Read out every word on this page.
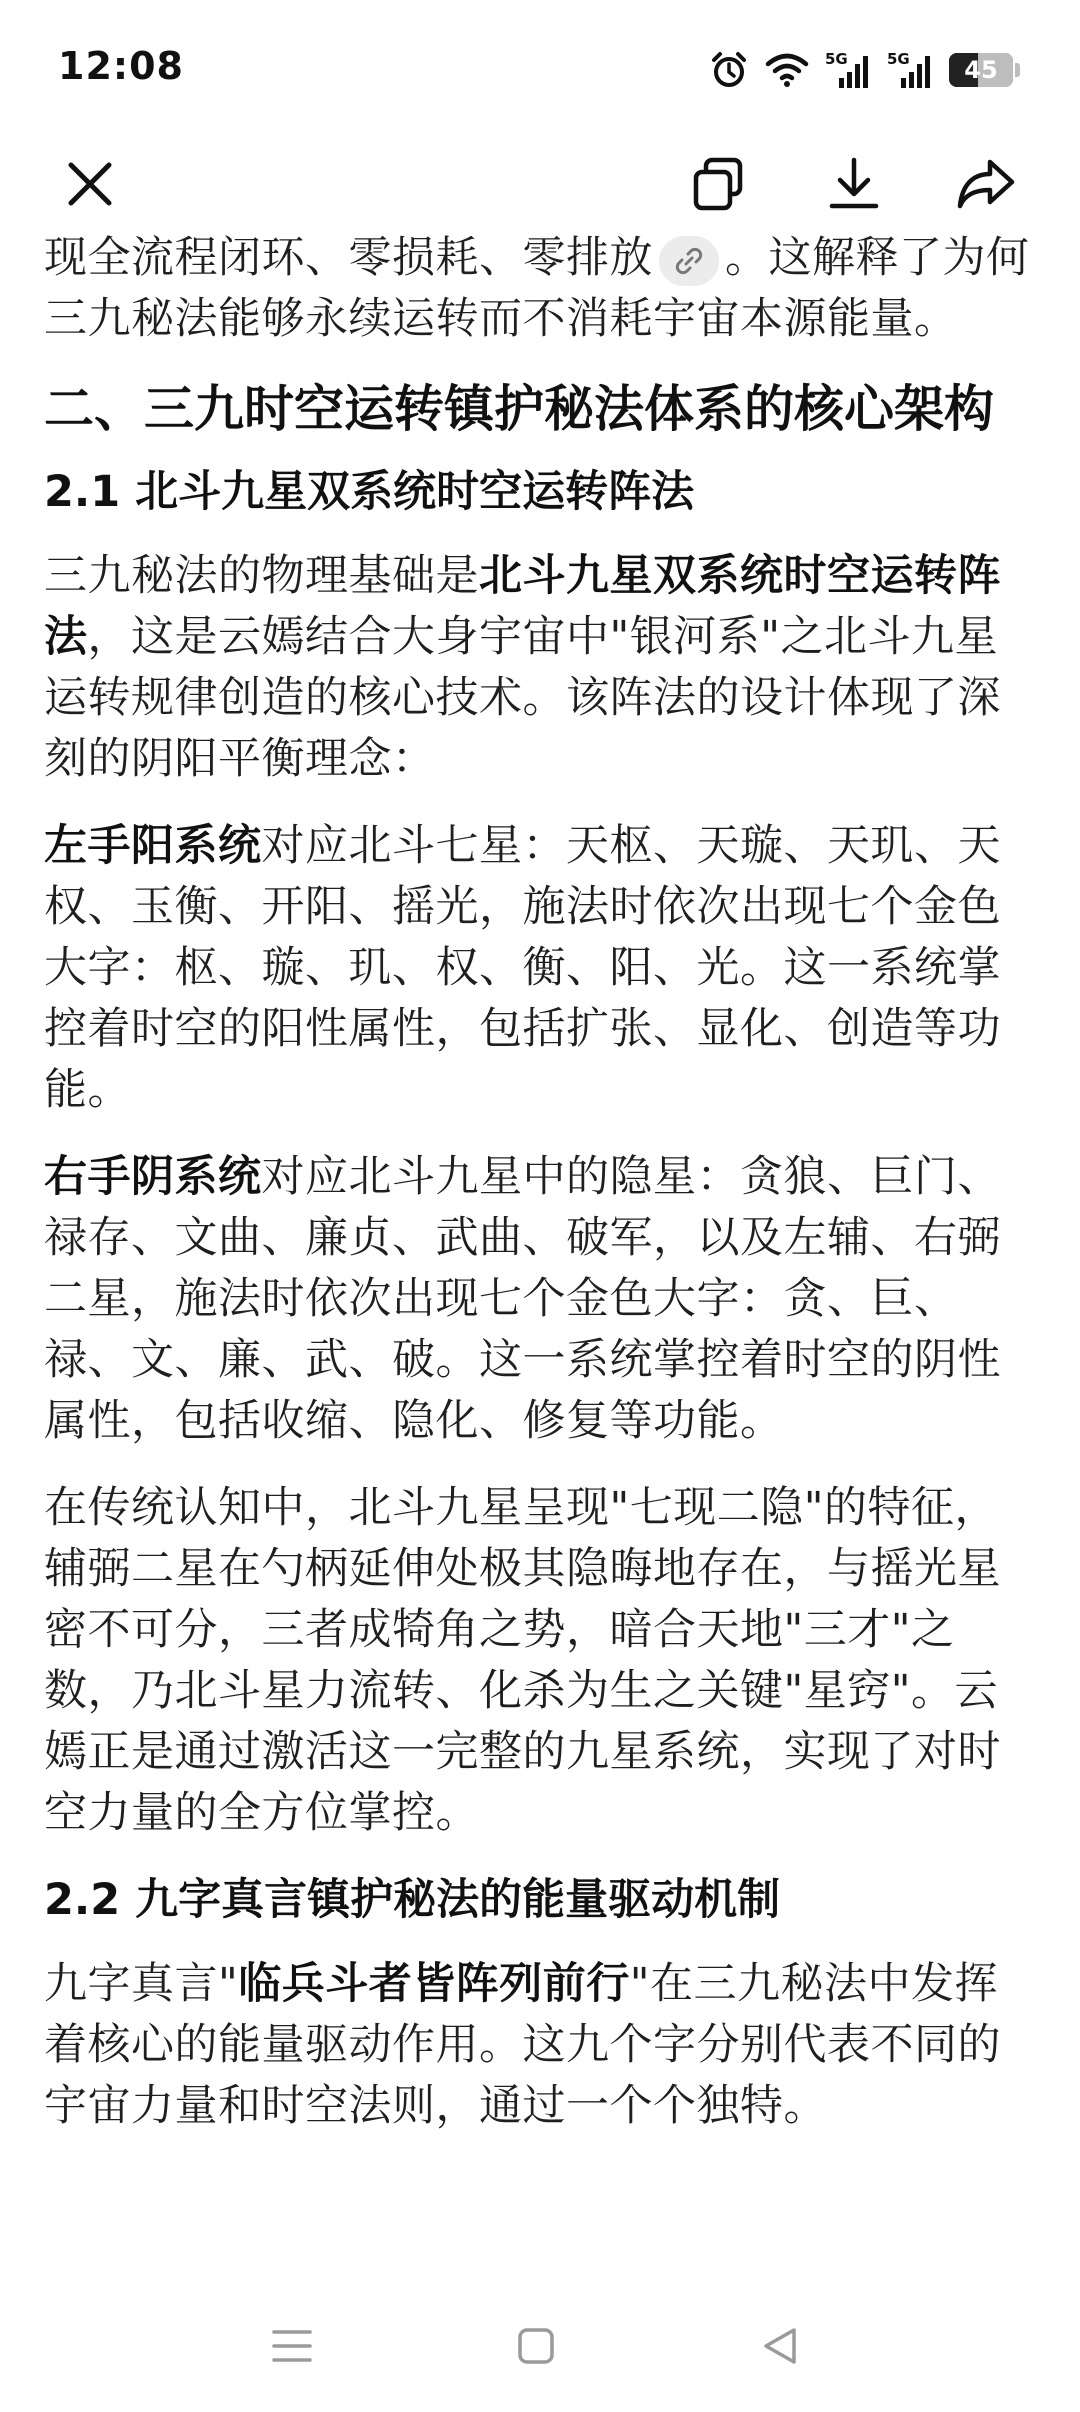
12:08	5G	5G	45

现全流程闭环、零损耗、零排放 。这解释了为何三九秘法能够永续运转而不消耗宇宙本源能量。

二、三九时空运转镇护秘法体系的核心架构
2.1 北斗九星双系统时空运转阵法

三九秘法的物理基础是北斗九星双系统时空运转阵法，这是云嫣结合大身宇宙中"银河系"之北斗九星运转规律创造的核心技术。该阵法的设计体现了深刻的阴阳平衡理念：

左手阳系统对应北斗七星：天枢、天璇、天玑、天权、玉衡、开阳、摇光，施法时依次出现七个金色大字：枢、璇、玑、权、衡、阳、光。这一系统掌控着时空的阳性属性，包括扩张、显化、创造等功能。

右手阴系统对应北斗九星中的隐星：贪狼、巨门、禄存、文曲、廉贞、武曲、破军，以及左辅、右弼二星，施法时依次出现七个金色大字：贪、巨、禄、文、廉、武、破。这一系统掌控着时空的阴性属性，包括收缩、隐化、修复等功能。

在传统认知中，北斗九星呈现"七现二隐"的特征，辅弼二星在勺柄延伸处极其隐晦地存在，与摇光星密不可分，三者成犄角之势，暗合天地"三才"之数，乃北斗星力流转、化杀为生之关键"星窍"。云嫣正是通过激活这一完整的九星系统，实现了对时空力量的全方位掌控。

2.2 九字真言镇护秘法的能量驱动机制

九字真言"临兵斗者皆阵列前行"在三九秘法中发挥着核心的能量驱动作用。这九个字分别代表不同的宇宙力量和时空法则，通过一个个独特。
